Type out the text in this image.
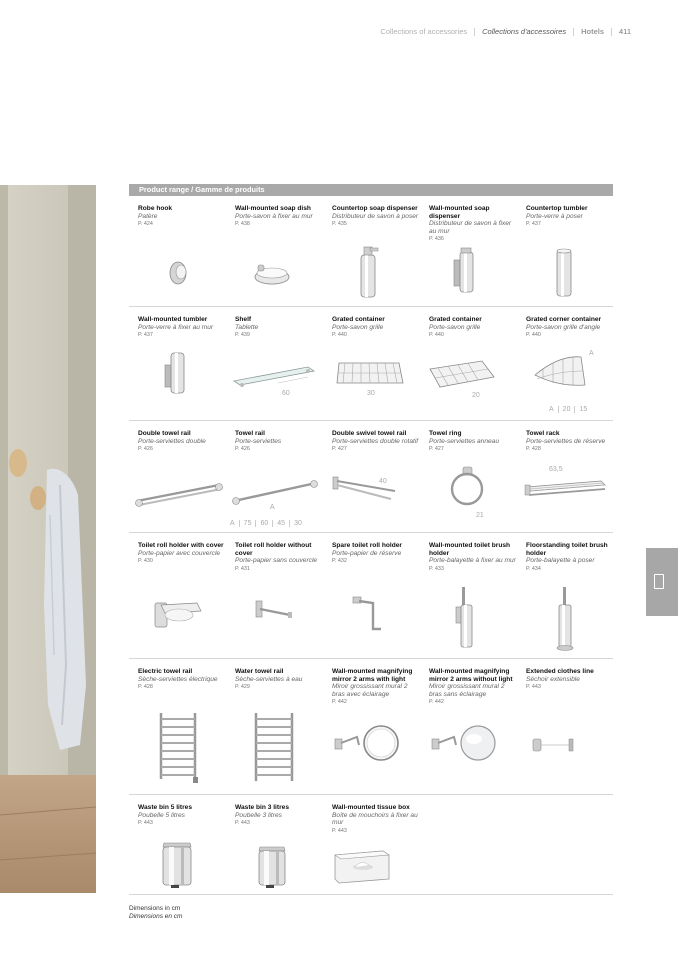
Collections of accessories	Collections d'accessoires	Hotels	411
Product range / Gamme de produits
Robe hook
Patère
P. 424
Wall-mounted soap dish
Porte-savon à fixer au mur
P. 438
Countertop soap dispenser
Distributeur de savon à poser
P. 435
Wall-mounted soap dispenser
Distributeur de savon à fixer au mur
P. 436
Countertop tumbler
Porte-verre à poser
P. 437
Wall-mounted tumbler
Porte-verre à fixer au mur
P. 437
Shelf
Tablette
P. 439
60
Grated container
Porte-savon grille
P. 440
30
Grated container
Porte-savon grille
P. 440
20
Grated corner container
Porte-savon grille d'angle
P. 440
A
A 20 15
Double towel rail
Porte-serviettes double
P. 426
Towel rail
Porte-serviettes
P. 426
A
A 75 60 45 30
Double swivel towel rail
Porte-serviettes double rotatif
P. 427
40
Towel ring
Porte-serviettes anneau
P. 427
21
Towel rack
Porte-serviettes de réserve
P. 428
63,5
Toilet roll holder with cover
Porte-papier avec couvercle
P. 430
Toilet roll holder without cover
Porte-papier sans couvercle
P. 431
Spare toilet roll holder
Porte-papier de réserve
P. 432
Wall-mounted toilet brush holder
Porte-balayette à fixer au mur
P. 433
Floorstanding toilet brush holder
Porte-balayette à poser
P. 434
Electric towel rail
Sèche-serviettes électrique
P. 428
Water towel rail
Sèche-serviettes à eau
P. 429
Wall-mounted magnifying mirror 2 arms with light
Miroir grossissant mural 2 bras avec éclairage
P. 442
Wall-mounted magnifying mirror 2 arms without light
Miroir grossissant mural 2 bras sans éclairage
P. 442
Extended clothes line
Séchoir extensible
P. 443
Waste bin 5 litres
Poubelle 5 litres
P. 443
Waste bin 3 litres
Poubelle 3 litres
P. 443
Wall-mounted tissue box
Boîte de mouchoirs à fixer au mur
P. 443
Dimensions in cm
Dimensions en cm
